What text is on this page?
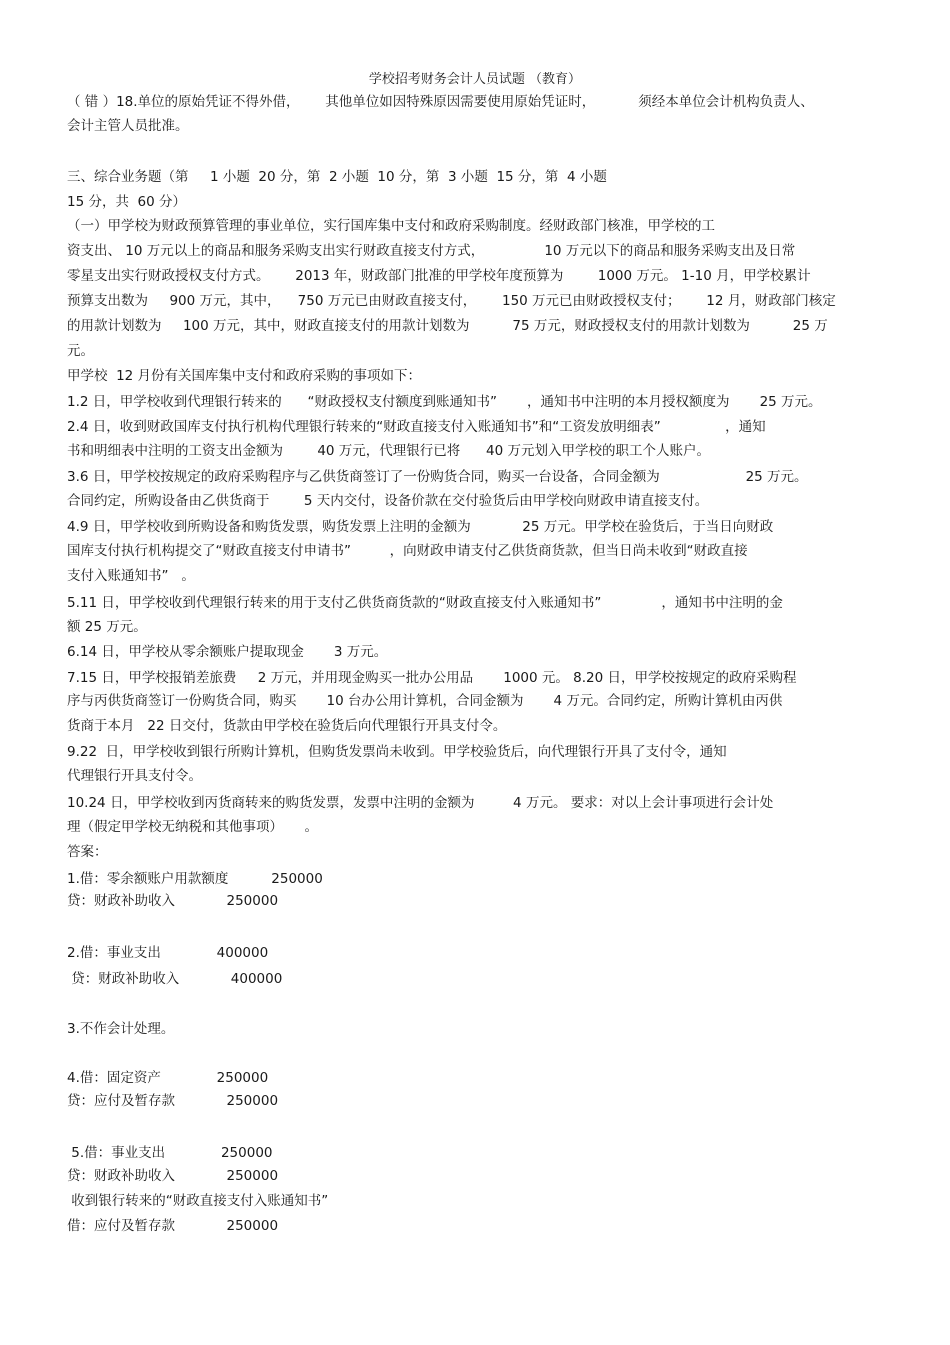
学校招考财务会计人员试题 （教育）
（ 错 ）18.单位的原始凭证不得外借，      其他单位如因特殊原因需要使用原始凭证时，          须经本单位会计机构负责人、
会计主管人员批准。
三、综合业务题（第     1 小题  20 分，第  2 小题  10 分，第  3 小题  15 分，第  4 小题
15 分，共  60 分）
（一）甲学校为财政预算管理的事业单位，实行国库集中支付和政府采购制度。经财政部门核准，甲学校的工
资支出、 10 万元以上的商品和服务采购支出实行财政直接支付方式，              10 万元以下的商品和服务采购支出及日常
零星支出实行财政授权支付方式。      2013 年，财政部门批准的甲学校年度预算为        1000 万元。 1-10 月，甲学校累计
预算支出数为     900 万元，其中，    750 万元已由财政直接支付，      150 万元已由财政授权支付；      12 月，财政部门核定
的用款计划数为     100 万元，其中，财政直接支付的用款计划数为          75 万元，财政授权支付的用款计划数为          25 万
元。
甲学校  12 月份有关国库集中支付和政府采购的事项如下：
1.2 日，甲学校收到代理银行转来的      “财政授权支付额度到账通知书”       ，通知书中注明的本月授权额度为       25 万元。
2.4 日，收到财政国库支付执行机构代理银行转来的“财政直接支付入账通知书”和“工资发放明细表”               ，通知
书和明细表中注明的工资支出金额为        40 万元，代理银行已将      40 万元划入甲学校的职工个人账户。
3.6 日，甲学校按规定的政府采购程序与乙供货商签订了一份购货合同，购买一台设备，合同金额为                    25 万元。
合同约定，所购设备由乙供货商于        5 天内交付，设备价款在交付验货后由甲学校向财政申请直接支付。
4.9 日，甲学校收到所购设备和购货发票，购货发票上注明的金额为            25 万元。甲学校在验货后，于当日向财政
国库支付执行机构提交了“财政直接支付申请书”         ，向财政申请支付乙供货商货款，但当日尚未收到“财政直接
支付入账通知书”   。
5.11 日，甲学校收到代理银行转来的用于支付乙供货商货款的“财政直接支付入账通知书”              ，通知书中注明的金
额 25 万元。
6.14 日，甲学校从零余额账户提取现金       3 万元。
7.15 日，甲学校报销差旅费     2 万元，并用现金购买一批办公用品       1000 元。 8.20 日，甲学校按规定的政府采购程
序与丙供货商签订一份购货合同，购买       10 台办公用计算机，合同金额为       4 万元。合同约定，所购计算机由丙供
货商于本月   22 日交付，货款由甲学校在验货后向代理银行开具支付令。
9.22  日，甲学校收到银行所购计算机，但购货发票尚未收到。甲学校验货后，向代理银行开具了支付令，通知
代理银行开具支付令。
10.24 日，甲学校收到丙货商转来的购货发票，发票中注明的金额为         4 万元。 要求：对以上会计事项进行会计处
理（假定甲学校无纳税和其他事项）     。
答案：
1.借：零余额账户用款额度          250000
贷：财政补助收入            250000
2.借：事业支出             400000
贷：财政补助收入            400000
3.不作会计处理。
4.借：固定资产             250000
贷：应付及暂存款            250000
5.借：事业支出             250000
贷：财政补助收入            250000
收到银行转来的“财政直接支付入账通知书”
借：应付及暂存款            250000
